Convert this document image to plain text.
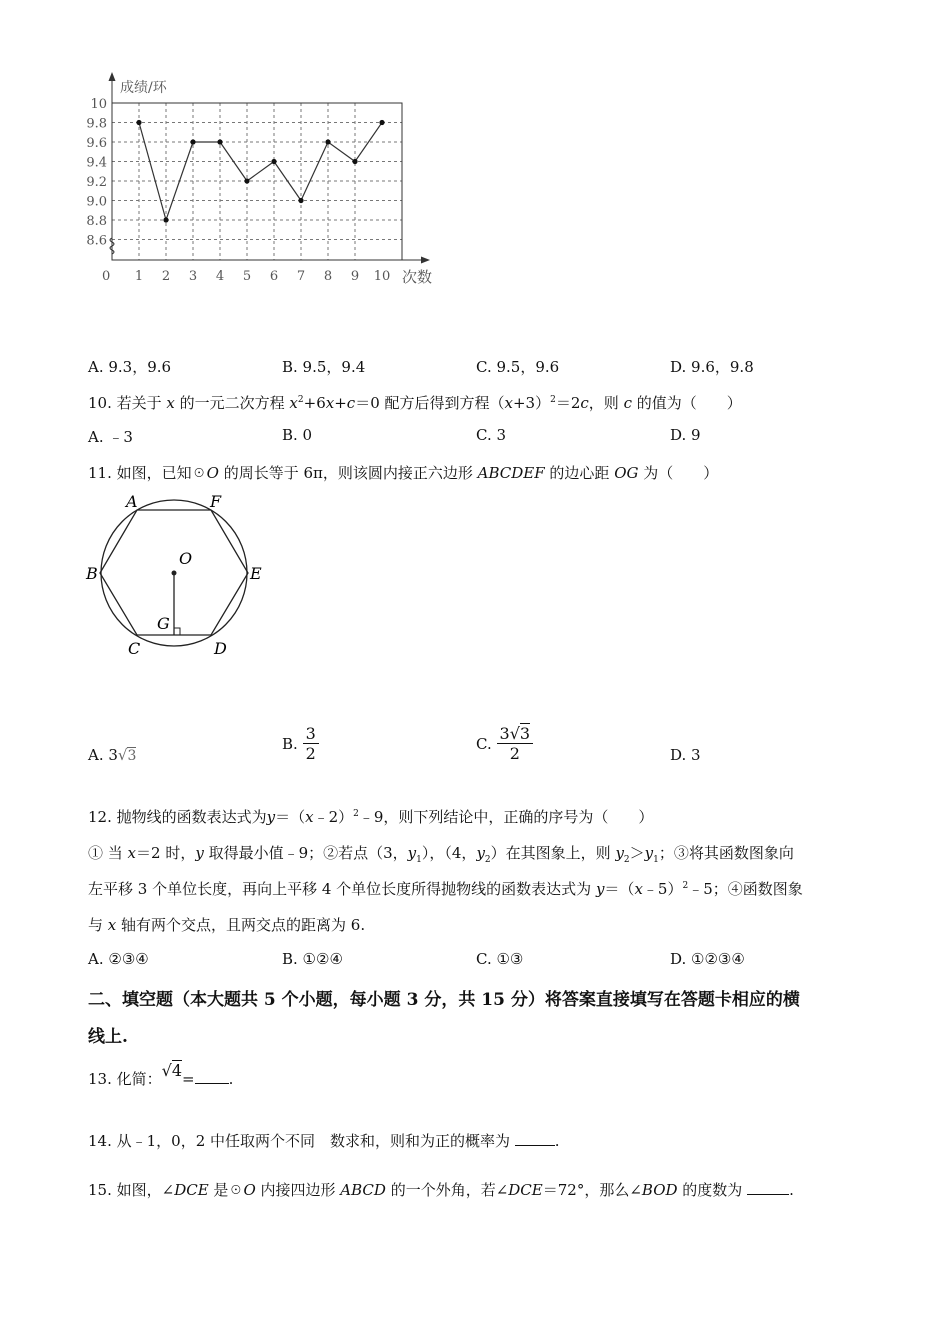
10
9.8
9.6
9.4
9.2
9.0
8.8
8.6
1 2 3 4 5 6 7 8 9 10
成绩/环
次数
0
A. 9.3，9.6	B. 9.5，9.4	C. 9.5，9.6	D. 9.6，9.8
10. 若关于 x 的一元二次方程 $x^2+6x+c=0$ 配方后得到方程$(x+3)^2=2c$，则 c 的值为（　　）
A. ﹣3	B. 0	C. 3	D. 9
11. 如图，已知☉O 的周长等于 6π，则该圆内接正六边形 ABCDEF 的边心距 OG 为（　　）
A	F
B	E
C	D
O
G
A. 3√3
B. $\frac{3}{2}$	C. $\frac{3√3}{2}$	D. 3
12. 抛物线的函数表达式为y＝（x﹣2）$^2$﹣9，则下列结论中，正确的序号为（　　）
① 当 x＝2 时，y 取得最小值﹣9；②若点（3，$y_1$），（4，$y_2$）在其图象上，则 $y_2>y_1$；③将其函数图象向
左平移 3 个单位长度，再向上平移 4 个单位长度所得抛物线的函数表达式为 y＝（x﹣5）$^2$﹣5；④函数图象
与 x 轴有两个交点，且两交点的距离为 6.
A. ②③④	B. ①②④	C. ①③	D. ①②③④
二、填空题（本大题共 5 个小题，每小题 3 分，共 15 分）将答案直接填写在答题卡相应的横
线上.
13. 化简：√4= .
14. 从﹣1，0，2 中任取两个不同　数求和，则和为正的概率为	.
15. 如图，∠DCE 是☉O 内接四边形 ABCD 的一个外角，若∠DCE＝72°，那么∠BOD 的度数为	.
